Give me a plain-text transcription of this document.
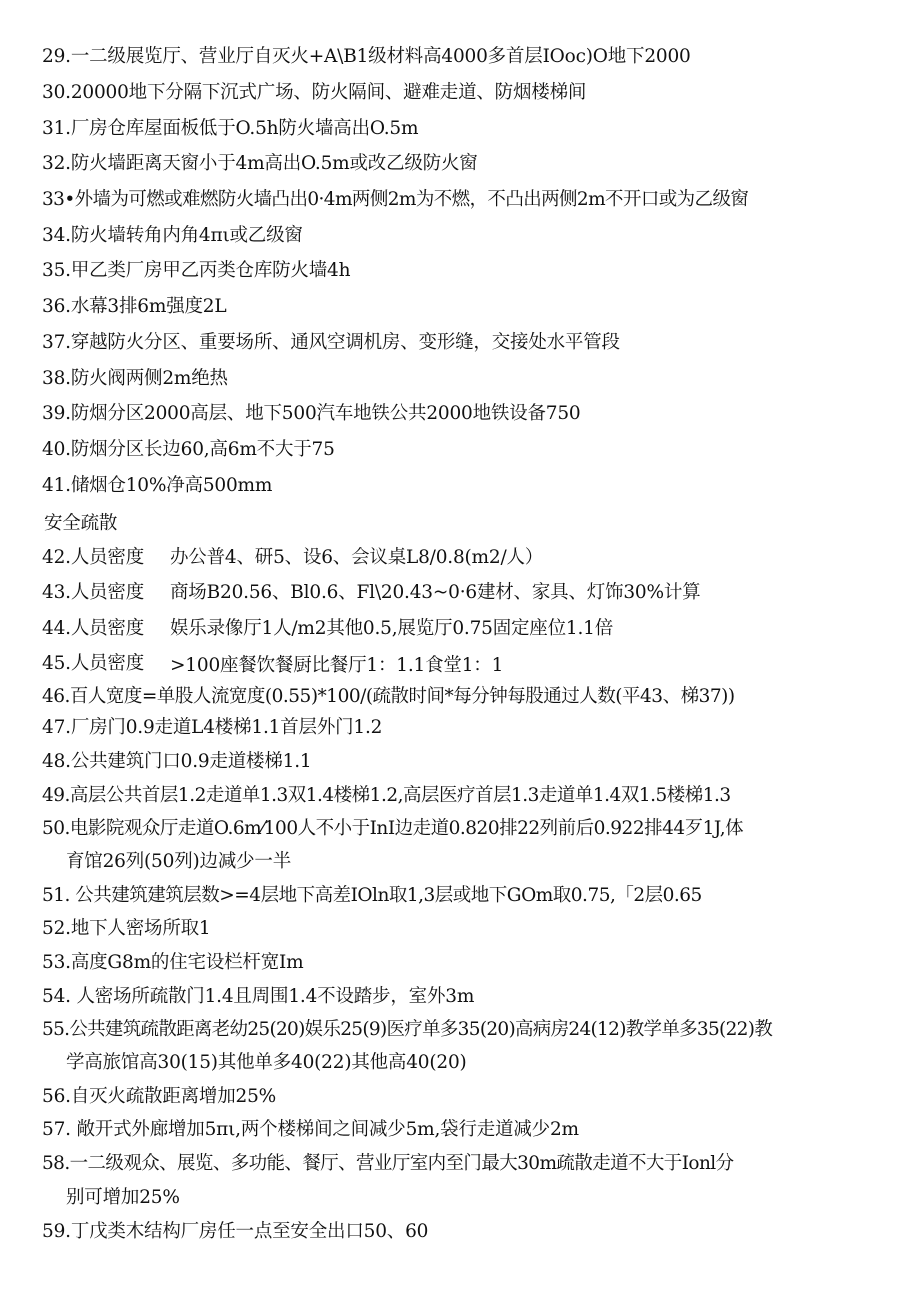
29.一二级展览厅、营业厅自灭火+A\B1级材料高4000多首层IOoc)O地下2000
30.20000地下分隔下沉式广场、防火隔间、避难走道、防烟楼梯间
31.厂房仓库屋面板低于O.5h防火墙高出O.5m
32.防火墙距离天窗小于4m高出O.5m或改乙级防火窗
33•外墙为可燃或难燃防火墙凸出0·4m两侧2m为不燃，不凸出两侧2m不开口或为乙级窗
34.防火墙转角内角4πι或乙级窗
35.甲乙类厂房甲乙丙类仓库防火墙4h
36.水幕3排6m强度2L
37.穿越防火分区、重要场所、通风空调机房、变形缝，交接处水平管段
38.防火阀两侧2m绝热
39.防烟分区2000高层、地下500汽车地铁公共2000地铁设备750
40.防烟分区长边60,高6m不大于75
41.储烟仓10%净高500mm
安全疏散
42.人员密度 办公普4、研5、设6、会议桌L8/0.8(m2/人）
43.人员密度 商场B20.56、Bl0.6、Fl\20.43~0·6建材、家具、灯饰30%计算
44.人员密度 娱乐录像厅1人/m2其他0.5,展览厅0.75固定座位1.1倍
45.人员密度 >100座餐饮餐厨比餐厅1：1.1食堂1：1
46.百人宽度=单股人流宽度(0.55)*100/(疏散时间*每分钟每股通过人数(平43、梯37))
47.厂房门0.9走道L4楼梯1.1首层外门1.2
48.公共建筑门口0.9走道楼梯1.1
49.高层公共首层1.2走道单1.3双1.4楼梯1.2,高层医疗首层1.3走道单1.4双1.5楼梯1.3
50.电影院观众厅走道O.6m⁄100人不小于InI边走道0.820排22列前后0.922排44歹1J,体
育馆26列(50列)边减少一半
51. 公共建筑建筑层数>=4层地下高差IOln取1,3层或地下GOm取0.75,「2层0.65
52.地下人密场所取1
53.高度G8m的住宅设栏杆宽Im
54. 人密场所疏散门1.4且周围1.4不设踏步，室外3m
55.公共建筑疏散距离老幼25(20)娱乐25(9)医疗单多35(20)高病房24(12)教学单多35(22)教
学高旅馆高30(15)其他单多40(22)其他高40(20)
56.自灭火疏散距离增加25%
57. 敞开式外廊增加5πι,两个楼梯间之间减少5m,袋行走道减少2m
58.一二级观众、展览、多功能、餐厅、营业厅室内至门最大30m疏散走道不大于Ionl分
别可增加25%
59.丁戊类木结构厂房任一点至安全出口50、60
